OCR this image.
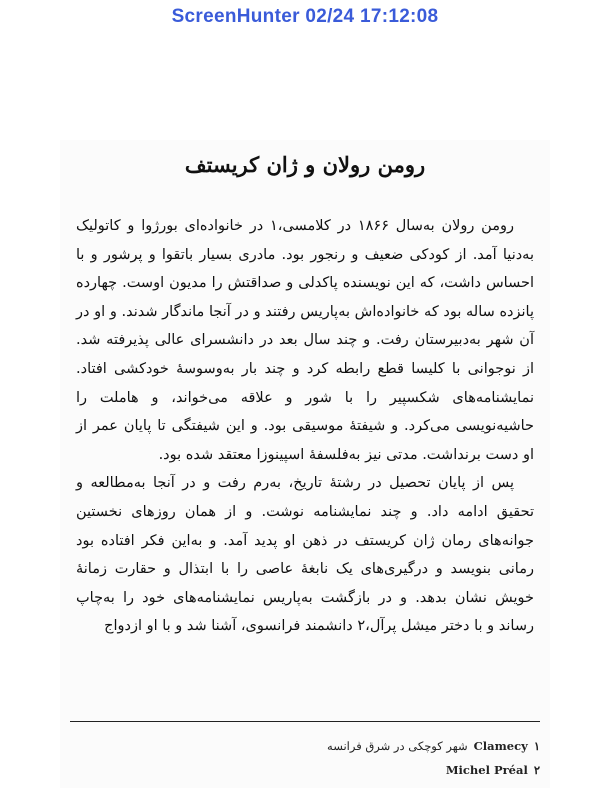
ScreenHunter 02/24 17:12:08
رومن رولان و ژان کریستف

رومن رولان به‌سال ۱۸۶۶ در کلامسی،۱ در خانواده‌ای بورژوا و کاتولیک به‌دنیا آمد. از کودکی ضعیف و رنجور بود. مادری بسیار باتقوا و پرشور و با احساس داشت، که این نویسنده پاکدلی و صداقتش را مدیون اوست. چهارده پانزده ساله بود که خانواده‌اش به‌پاریس رفتند و در آنجا ماندگار شدند. و او در آن شهر به‌دبیرستان رفت. و چند سال بعد در دانشسرای عالی پذیرفته شد. از نوجوانی با کلیسا قطع رابطه کرد و چند بار به‌وسوسهٔ خودکشی افتاد. نمایشنامه‌های شکسپیر را با شور و علاقه می‌خواند، و هاملت را حاشیه‌نویسی می‌کرد. و شیفتهٔ موسیقی بود. و این شیفتگی تا پایان عمر از او دست برنداشت. مدتی نیز به‌فلسفهٔ اسپینوزا معتقد شده بود.

پس از پایان تحصیل در رشتهٔ تاریخ، به‌رم رفت و در آنجا به‌مطالعه و تحقیق ادامه داد. و چند نمایشنامه نوشت. و از همان روزهای نخستین جوانه‌های رمان ژان کریستف در ذهن او پدید آمد. و به‌این فکر افتاده بود رمانی بنویسد و درگیری‌های یک نابغهٔ عاصی را با ابتذال و حقارت زمانهٔ خویش نشان بدهد. و در بازگشت به‌پاریس نمایشنامه‌های خود را به‌چاپ رساند و با دختر میشل پرآل،۲ دانشمند فرانسوی، آشنا شد و با او ازدواج

۱
Clamecy
شهر کوچکی در شرق فرانسه
۲
Michel Préal
